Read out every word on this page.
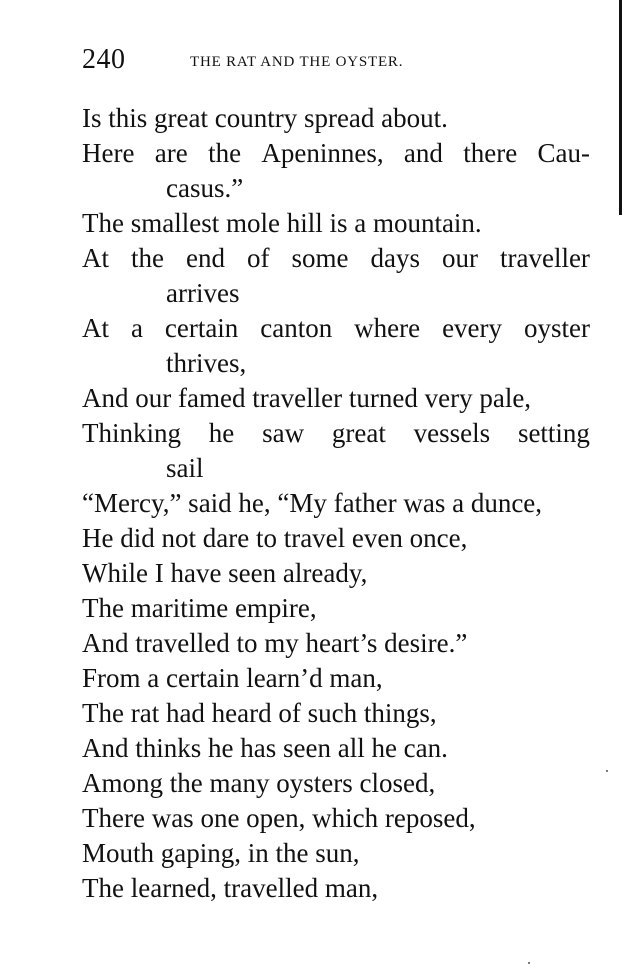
240	THE RAT AND THE OYSTER.
Is this great country spread about.
Here are the Apeninnes, and there Cau-
casus.”
The smallest mole hill is a mountain.
At the end of some days our traveller
arrives
At a certain canton where every oyster
thrives,
And our famed traveller turned very pale,
Thinking he saw great vessels setting
sail
“Mercy,” said he, “My father was a dunce,
He did not dare to travel even once,
While I have seen already,
The maritime empire,
And travelled to my heart’s desire.”
From a certain learn’d man,
The rat had heard of such things,
And thinks he has seen all he can.
Among the many oysters closed,
There was one open, which reposed,
Mouth gaping, in the sun,
The learned, travelled man,
